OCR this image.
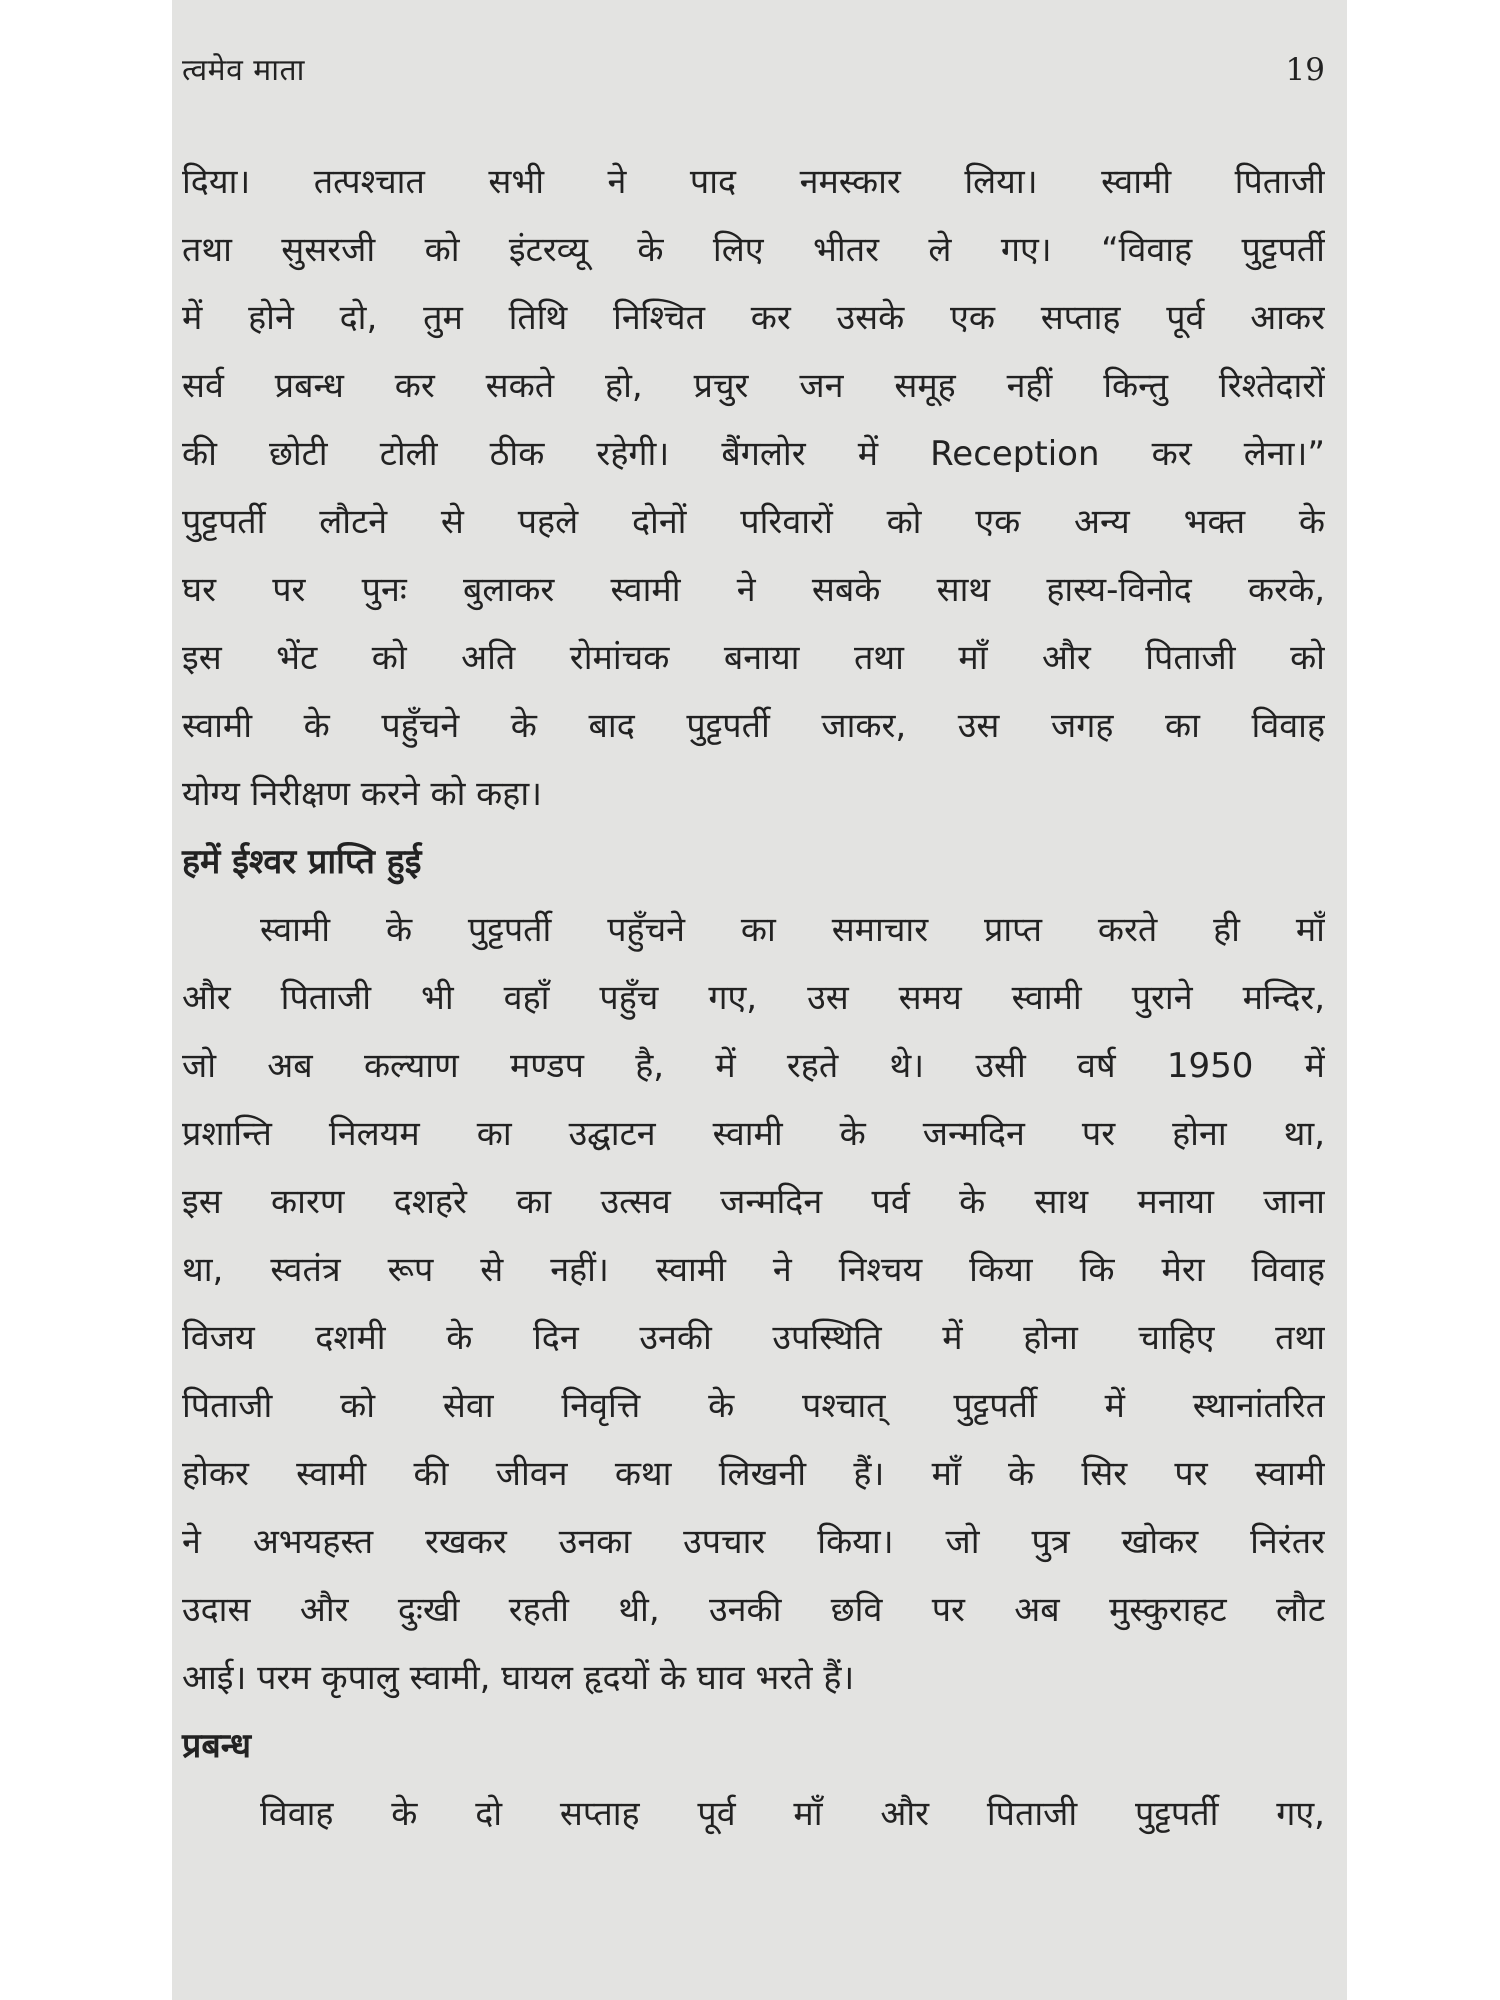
त्वमेव माता	19
दिया। तत्पश्चात सभी ने पाद नमस्कार लिया। स्वामी पिताजी
तथा सुसरजी को इंटरव्यू के लिए भीतर ले गए। “विवाह पुट्टपर्ती
में होने दो, तुम तिथि निश्चित कर उसके एक सप्ताह पूर्व आकर
सर्व प्रबन्ध कर सकते हो, प्रचुर जन समूह नहीं किन्तु रिश्तेदारों
की छोटी टोली ठीक रहेगी। बैंगलोर में Reception कर लेना।”
पुट्टपर्ती लौटने से पहले दोनों परिवारों को एक अन्य भक्त के
घर पर पुनः बुलाकर स्वामी ने सबके साथ हास्य-विनोद करके,
इस भेंट को अति रोमांचक बनाया तथा माँ और पिताजी को
स्वामी के पहुँचने के बाद पुट्टपर्ती जाकर, उस जगह का विवाह
योग्य निरीक्षण करने को कहा।
हमें ईश्वर प्राप्ति हुई
स्वामी के पुट्टपर्ती पहुँचने का समाचार प्राप्त करते ही माँ
और पिताजी भी वहाँ पहुँच गए, उस समय स्वामी पुराने मन्दिर,
जो अब कल्याण मण्डप है, में रहते थे। उसी वर्ष 1950 में
प्रशान्ति निलयम का उद्घाटन स्वामी के जन्मदिन पर होना था,
इस कारण दशहरे का उत्सव जन्मदिन पर्व के साथ मनाया जाना
था, स्वतंत्र रूप से नहीं। स्वामी ने निश्चय किया कि मेरा विवाह
विजय दशमी के दिन उनकी उपस्थिति में होना चाहिए तथा
पिताजी को सेवा निवृत्ति के पश्चात् पुट्टपर्ती में स्थानांतरित
होकर स्वामी की जीवन कथा लिखनी हैं। माँ के सिर पर स्वामी
ने अभयहस्त रखकर उनका उपचार किया। जो पुत्र खोकर निरंतर
उदास और दुःखी रहती थी, उनकी छवि पर अब मुस्कुराहट लौट
आई। परम कृपालु स्वामी, घायल हृदयों के घाव भरते हैं।
प्रबन्ध
विवाह के दो सप्ताह पूर्व माँ और पिताजी पुट्टपर्ती गए,
